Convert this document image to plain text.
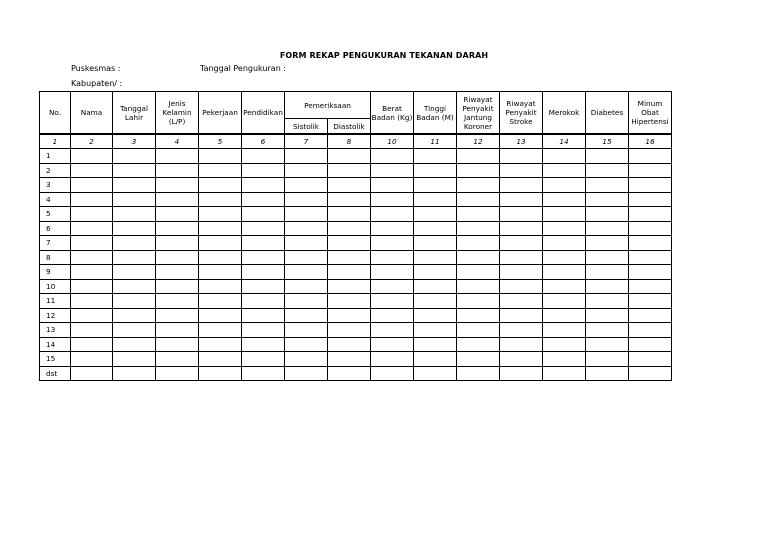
FORM REKAP PENGUKURAN TEKANAN DARAH
Puskesmas :	Tanggal Pengukuran :
Kabupaten/ :
No.	Nama	Tanggal Lahir	Jenis Kelamin (L/P)	Pekerjaan	Pendidikan	Pemeriksaan		Berat Badan (Kg)	Tinggi Badan (M)	Riwayat Penyakit Jantung Koroner	Riwayat Penyakit Stroke	Merokok	Diabetes	Minum Obat Hipertensi
						Sistolik	Diastolik							
1	2	3	4	5	6	7	8	10	11	12	13	14	15	16
1														
2														
3														
4														
5														
6														
7														
8														
9														
10														
11														
12														
13														
14														
15														
dst														
